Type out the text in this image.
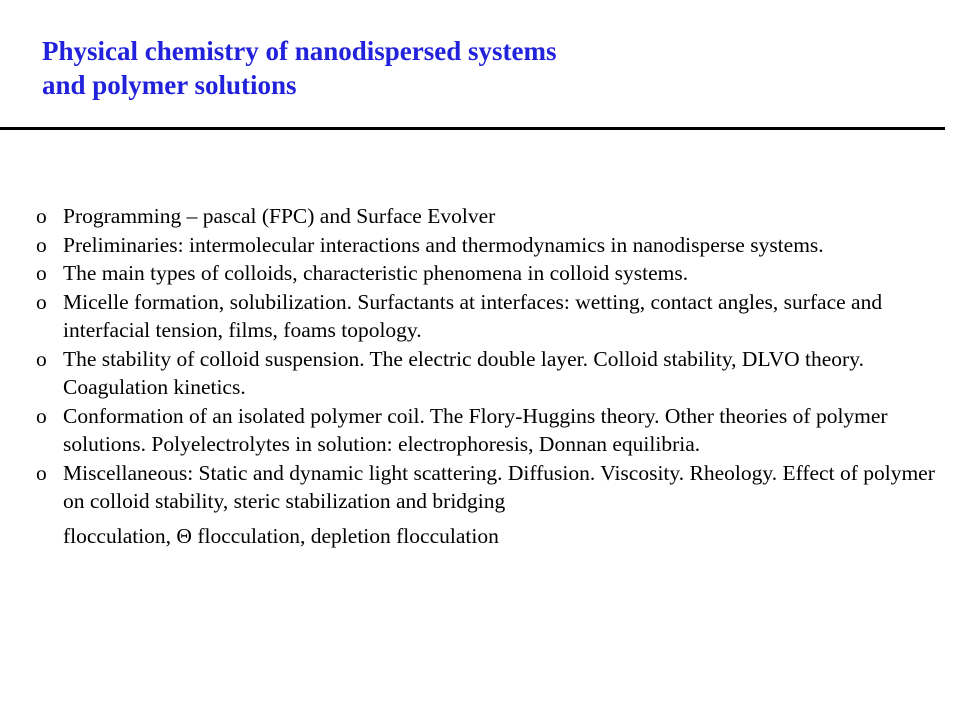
Physical chemistry of nanodispersed systems
and polymer solutions
o Programming – pascal (FPC) and Surface Evolver
o Preliminaries: intermolecular interactions and thermodynamics in nanodisperse systems.
o The main types of colloids, characteristic phenomena in colloid systems.
o Micelle formation, solubilization. Surfactants at interfaces: wetting, contact angles, surface and interfacial tension, films, foams topology.
o The stability of colloid suspension. The electric double layer. Colloid stability, DLVO theory. Coagulation kinetics.
o Conformation of an isolated polymer coil. The Flory-Huggins theory. Other theories of polymer solutions. Polyelectrolytes in solution: electrophoresis, Donnan equilibria.
o Miscellaneous: Static and dynamic light scattering. Diffusion. Viscosity. Rheology. Effect of polymer on colloid stability, steric stabilization and bridging flocculation, Θ flocculation, depletion flocculation
